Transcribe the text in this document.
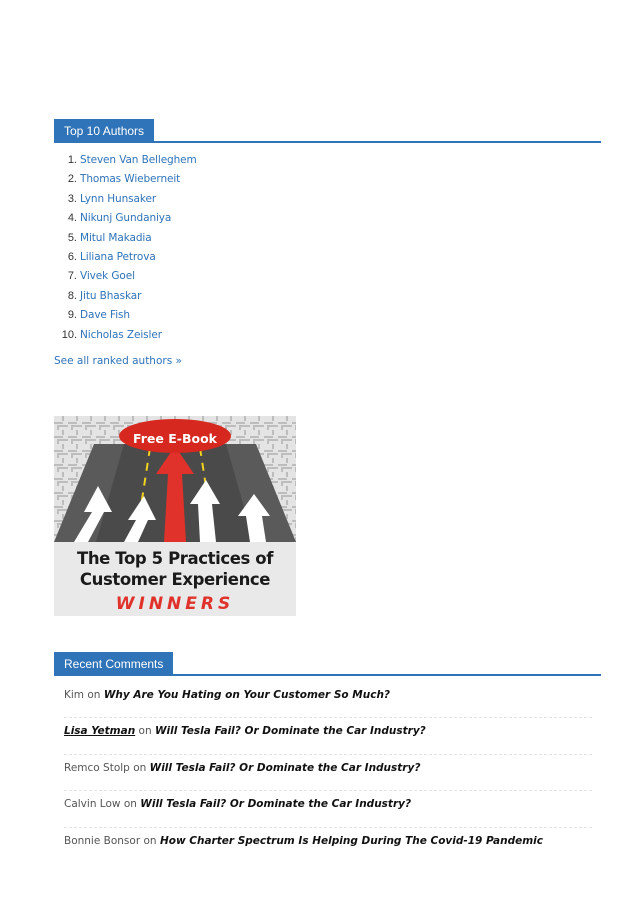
Top 10 Authors
1. Steven Van Belleghem
2. Thomas Wieberneit
3. Lynn Hunsaker
4. Nikunj Gundaniya
5. Mitul Makadia
6. Liliana Petrova
7. Vivek Goel
8. Jitu Bhaskar
9. Dave Fish
10. Nicholas Zeisler
See all ranked authors »
Free E-Book
The Top 5 Practices of
Customer Experience
WINNERS
Recent Comments
Kim on Why Are You Hating on Your Customer So Much?
Lisa Yetman on Will Tesla Fail? Or Dominate the Car Industry?
Remco Stolp on Will Tesla Fail? Or Dominate the Car Industry?
Calvin Low on Will Tesla Fail? Or Dominate the Car Industry?
Bonnie Bonsor on How Charter Spectrum Is Helping During The Covid-19 Pandemic
